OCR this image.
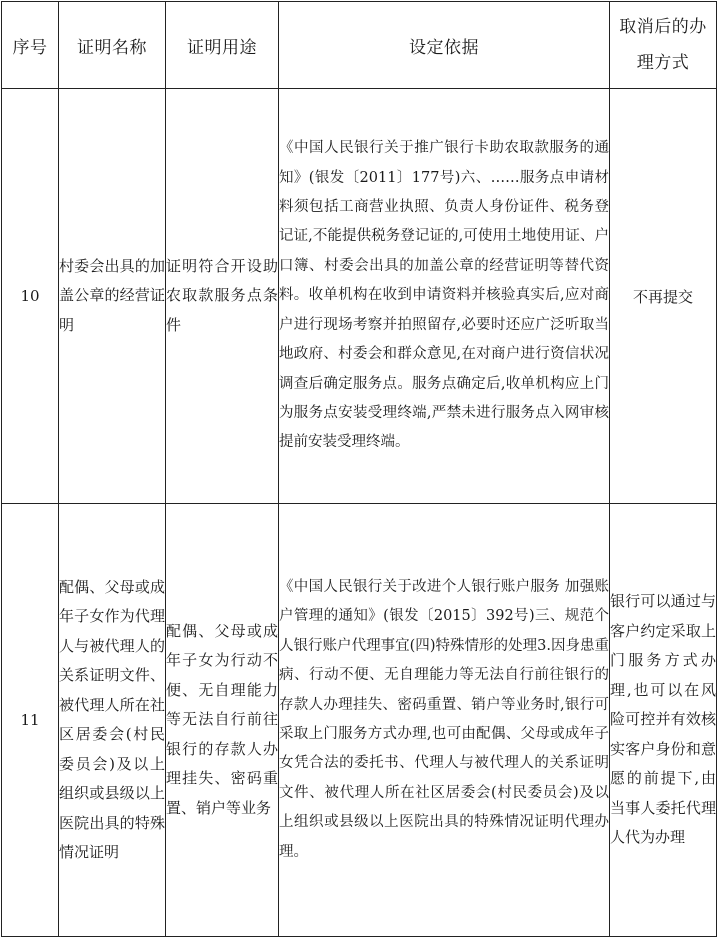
序号	证明名称	证明用途	设定依据	取消后的办理方式
10	村委会出具的加盖公章的经营证明	证明符合开设助农取款服务点条件	《中国人民银行关于推广银行卡助农取款服务的通知》(银发〔2011〕177号)六、……服务点申请材料须包括工商营业执照、负责人身份证件、税务登记证,不能提供税务登记证的,可使用土地使用证、户口簿、村委会出具的加盖公章的经营证明等替代资料。收单机构在收到申请资料并核验真实后,应对商户进行现场考察并拍照留存,必要时还应广泛听取当地政府、村委会和群众意见,在对商户进行资信状况调查后确定服务点。服务点确定后,收单机构应上门为服务点安装受理终端,严禁未进行服务点入网审核提前安装受理终端。	不再提交
11	配偶、父母或成年子女作为代理人与被代理人的关系证明文件、被代理人所在社区居委会(村民委员会)及以上组织或县级以上医院出具的特殊情况证明	配偶、父母或成年子女为行动不便、无自理能力等无法自行前往银行的存款人办理挂失、密码重置、销户等业务	《中国人民银行关于改进个人银行账户服务 加强账户管理的通知》(银发〔2015〕392号)三、规范个人银行账户代理事宜(四)特殊情形的处理3.因身患重病、行动不便、无自理能力等无法自行前往银行的存款人办理挂失、密码重置、销户等业务时,银行可采取上门服务方式办理,也可由配偶、父母或成年子女凭合法的委托书、代理人与被代理人的关系证明文件、被代理人所在社区居委会(村民委员会)及以上组织或县级以上医院出具的特殊情况证明代理办理。	银行可以通过与客户约定采取上门服务方式办理,也可以在风险可控并有效核实客户身份和意愿的前提下,由当事人委托代理人代为办理
